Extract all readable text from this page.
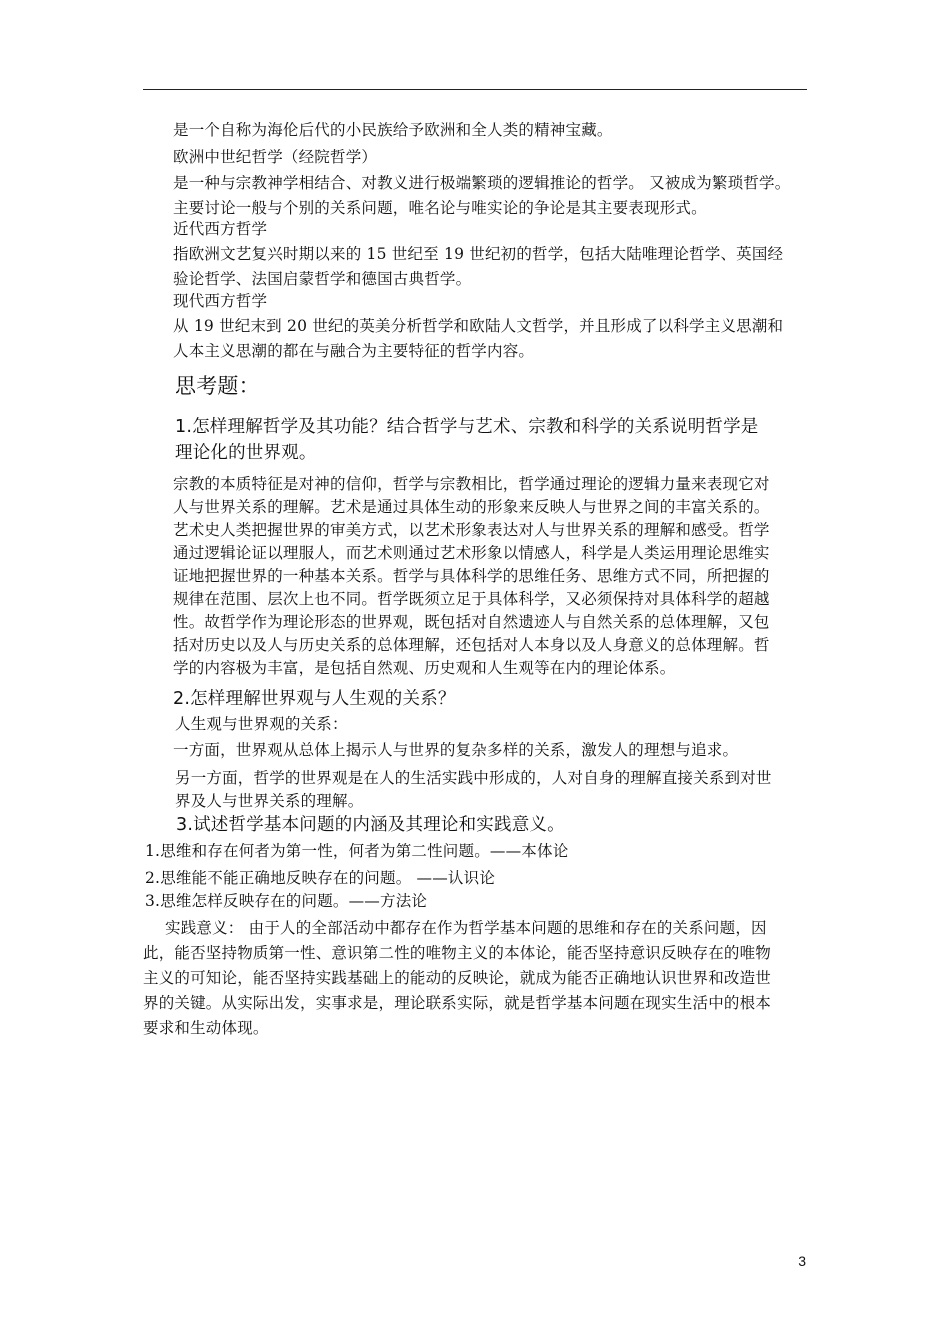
是一个自称为海伦后代的小民族给予欧洲和全人类的精神宝藏。

欧洲中世纪哲学（经院哲学）

是一种与宗教神学相结合、对教义进行极端繁琐的逻辑推论的哲学。 又被成为繁琐哲学。

主要讨论一般与个别的关系问题，唯名论与唯实论的争论是其主要表现形式。

近代西方哲学

指欧洲文艺复兴时期以来的 15 世纪至 19 世纪初的哲学，包括大陆唯理论哲学、英国经

验论哲学、法国启蒙哲学和德国古典哲学。

现代西方哲学

从 19 世纪末到 20 世纪的英美分析哲学和欧陆人文哲学，并且形成了以科学主义思潮和

人本主义思潮的都在与融合为主要特征的哲学内容。

思考题：

1.怎样理解哲学及其功能？结合哲学与艺术、宗教和科学的关系说明哲学是

理论化的世界观。

宗教的本质特征是对神的信仰，哲学与宗教相比，哲学通过理论的逻辑力量来表现它对

人与世界关系的理解。艺术是通过具体生动的形象来反映人与世界之间的丰富关系的。

艺术史人类把握世界的审美方式，以艺术形象表达对人与世界关系的理解和感受。哲学

通过逻辑论证以理服人，而艺术则通过艺术形象以情感人，科学是人类运用理论思维实

证地把握世界的一种基本关系。哲学与具体科学的思维任务、思维方式不同，所把握的

规律在范围、层次上也不同。哲学既须立足于具体科学，又必须保持对具体科学的超越

性。故哲学作为理论形态的世界观，既包括对自然遗迹人与自然关系的总体理解，又包

括对历史以及人与历史关系的总体理解，还包括对人本身以及人身意义的总体理解。哲

学的内容极为丰富，是包括自然观、历史观和人生观等在内的理论体系。

2.怎样理解世界观与人生观的关系？

人生观与世界观的关系：

一方面，世界观从总体上揭示人与世界的复杂多样的关系，激发人的理想与追求。

另一方面，哲学的世界观是在人的生活实践中形成的，人对自身的理解直接关系到对世

界及人与世界关系的理解。

3.试述哲学基本问题的内涵及其理论和实践意义。

1.思维和存在何者为第一性，何者为第二性问题。——本体论

2.思维能不能正确地反映存在的问题。 ——认识论

3.思维怎样反映存在的问题。——方法论

实践意义： 由于人的全部活动中都存在作为哲学基本问题的思维和存在的关系问题，因

此，能否坚持物质第一性、意识第二性的唯物主义的本体论，能否坚持意识反映存在的唯物

主义的可知论，能否坚持实践基础上的能动的反映论，就成为能否正确地认识世界和改造世

界的关键。从实际出发，实事求是，理论联系实际，就是哲学基本问题在现实生活中的根本

要求和生动体现。

3
